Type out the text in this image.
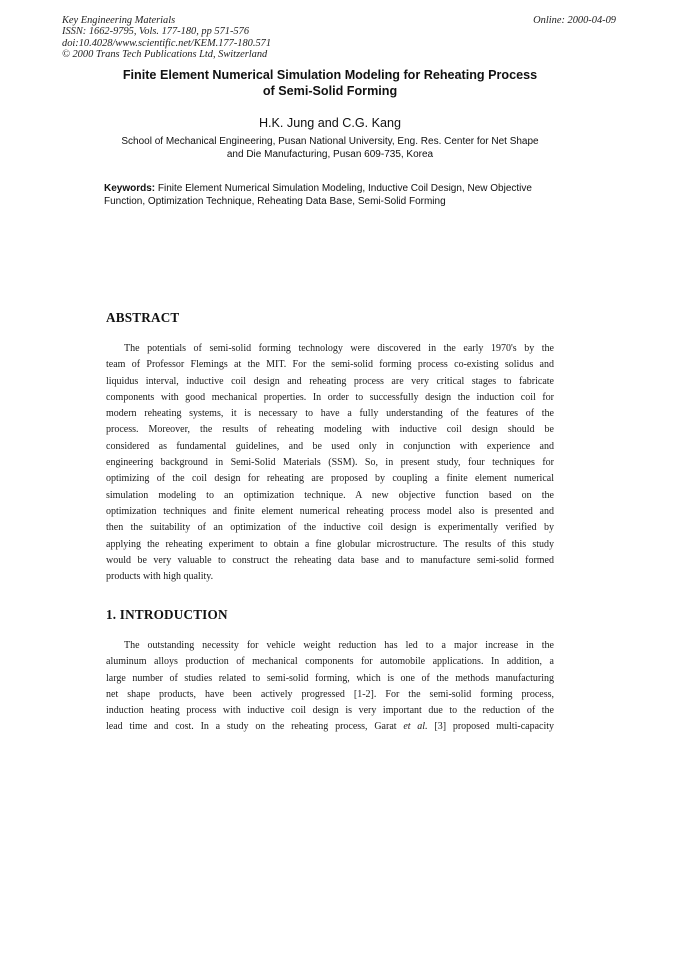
Key Engineering Materials
ISSN: 1662-9795, Vols. 177-180, pp 571-576
doi:10.4028/www.scientific.net/KEM.177-180.571
© 2000 Trans Tech Publications Ltd, Switzerland
Online: 2000-04-09
Finite Element Numerical Simulation Modeling for Reheating Process
of Semi-Solid Forming
H.K. Jung and C.G. Kang
School of Mechanical Engineering, Pusan National University, Eng. Res. Center for Net Shape
and Die Manufacturing, Pusan 609-735, Korea
Keywords: Finite Element Numerical Simulation Modeling, Inductive Coil Design, New Objective
Function, Optimization Technique, Reheating Data Base, Semi-Solid Forming
ABSTRACT
The potentials of semi-solid forming technology were discovered in the early 1970's by the
team of Professor Flemings at the MIT. For the semi-solid forming process co-existing solidus and
liquidus interval, inductive coil design and reheating process are very critical stages to fabricate
components with good mechanical properties. In order to successfully design the induction coil for
modern reheating systems, it is necessary to have a fully understanding of the features of the
process. Moreover, the results of reheating modeling with inductive coil design should be
considered as fundamental guidelines, and be used only in conjunction with experience and
engineering background in Semi-Solid Materials (SSM). So, in present study, four techniques for
optimizing of the coil design for reheating are proposed by coupling a finite element numerical
simulation modeling to an optimization technique. A new objective function based on the
optimization techniques and finite element numerical reheating process model also is presented and
then the suitability of an optimization of the inductive coil design is experimentally verified by
applying the reheating experiment to obtain a fine globular microstructure. The results of this study
would be very valuable to construct the reheating data base and to manufacture semi-solid formed
products with high quality.
1. INTRODUCTION
The outstanding necessity for vehicle weight reduction has led to a major increase in the
aluminum alloys production of mechanical components for automobile applications. In addition, a
large number of studies related to semi-solid forming, which is one of the methods manufacturing
net shape products, have been actively progressed [1-2]. For the semi-solid forming process,
induction heating process with inductive coil design is very important due to the reduction of the
lead time and cost. In a study on the reheating process, Garat et al. [3] proposed multi-capacity
